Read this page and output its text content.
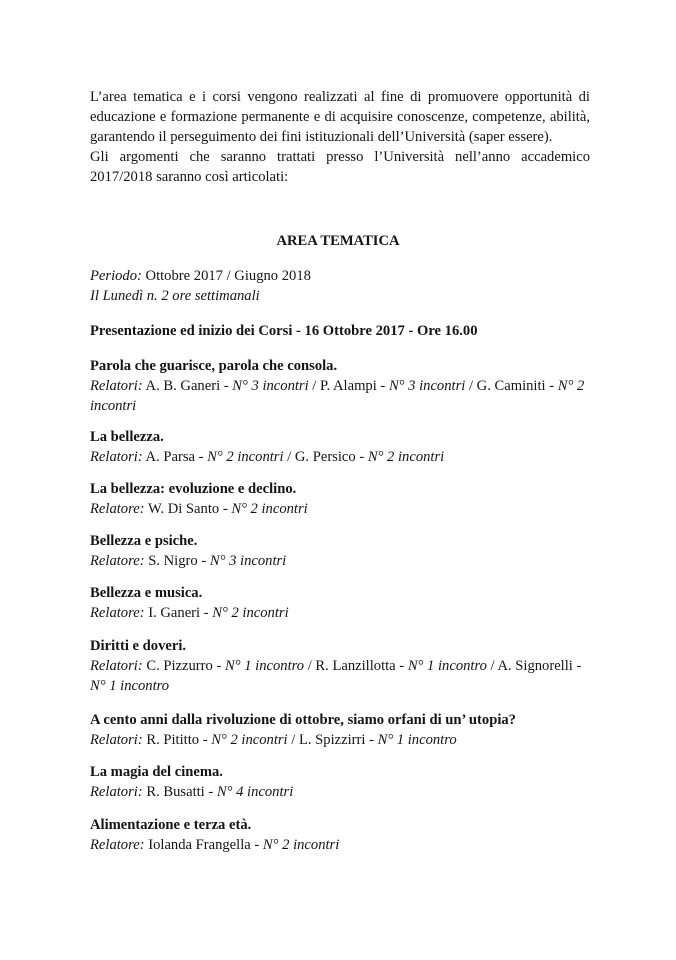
L’area tematica e i corsi vengono realizzati al fine di promuovere opportunità di educazione e formazione permanente e di acquisire conoscenze, competenze, abilità, garantendo il perseguimento dei fini istituzionali dell’Università (saper essere).

Gli argomenti che saranno trattati presso l’Università nell’anno accademico 2017/2018 saranno così articolati:

AREA TEMATICA

Periodo: Ottobre 2017 / Giugno 2018

Il Lunedì n. 2 ore settimanali

Presentazione ed inizio dei Corsi - 16 Ottobre 2017 - Ore 16.00

Parola che guarisce, parola che consola.

Relatori: A. B. Ganeri - N° 3 incontri / P. Alampi - N° 3 incontri / G. Caminiti - N° 2 incontri

La bellezza.

Relatori: A. Parsa - N° 2 incontri / G. Persico - N° 2 incontri

La bellezza: evoluzione e declino.

Relatore: W. Di Santo - N° 2 incontri

Bellezza e psiche.

Relatore: S. Nigro - N° 3 incontri

Bellezza e musica.

Relatore: I. Ganeri - N° 2 incontri

Diritti e doveri.

Relatori: C. Pizzurro - N° 1 incontro / R. Lanzillotta - N° 1 incontro / A. Signorelli - N° 1 incontro

A cento anni dalla rivoluzione di ottobre, siamo orfani di un’ utopia?

Relatori: R. Pititto - N° 2 incontri / L. Spizzirri - N° 1 incontro

La magia del cinema.

Relatori: R. Busatti - N° 4 incontri

Alimentazione e terza età.

Relatore: Iolanda Frangella - N° 2 incontri
